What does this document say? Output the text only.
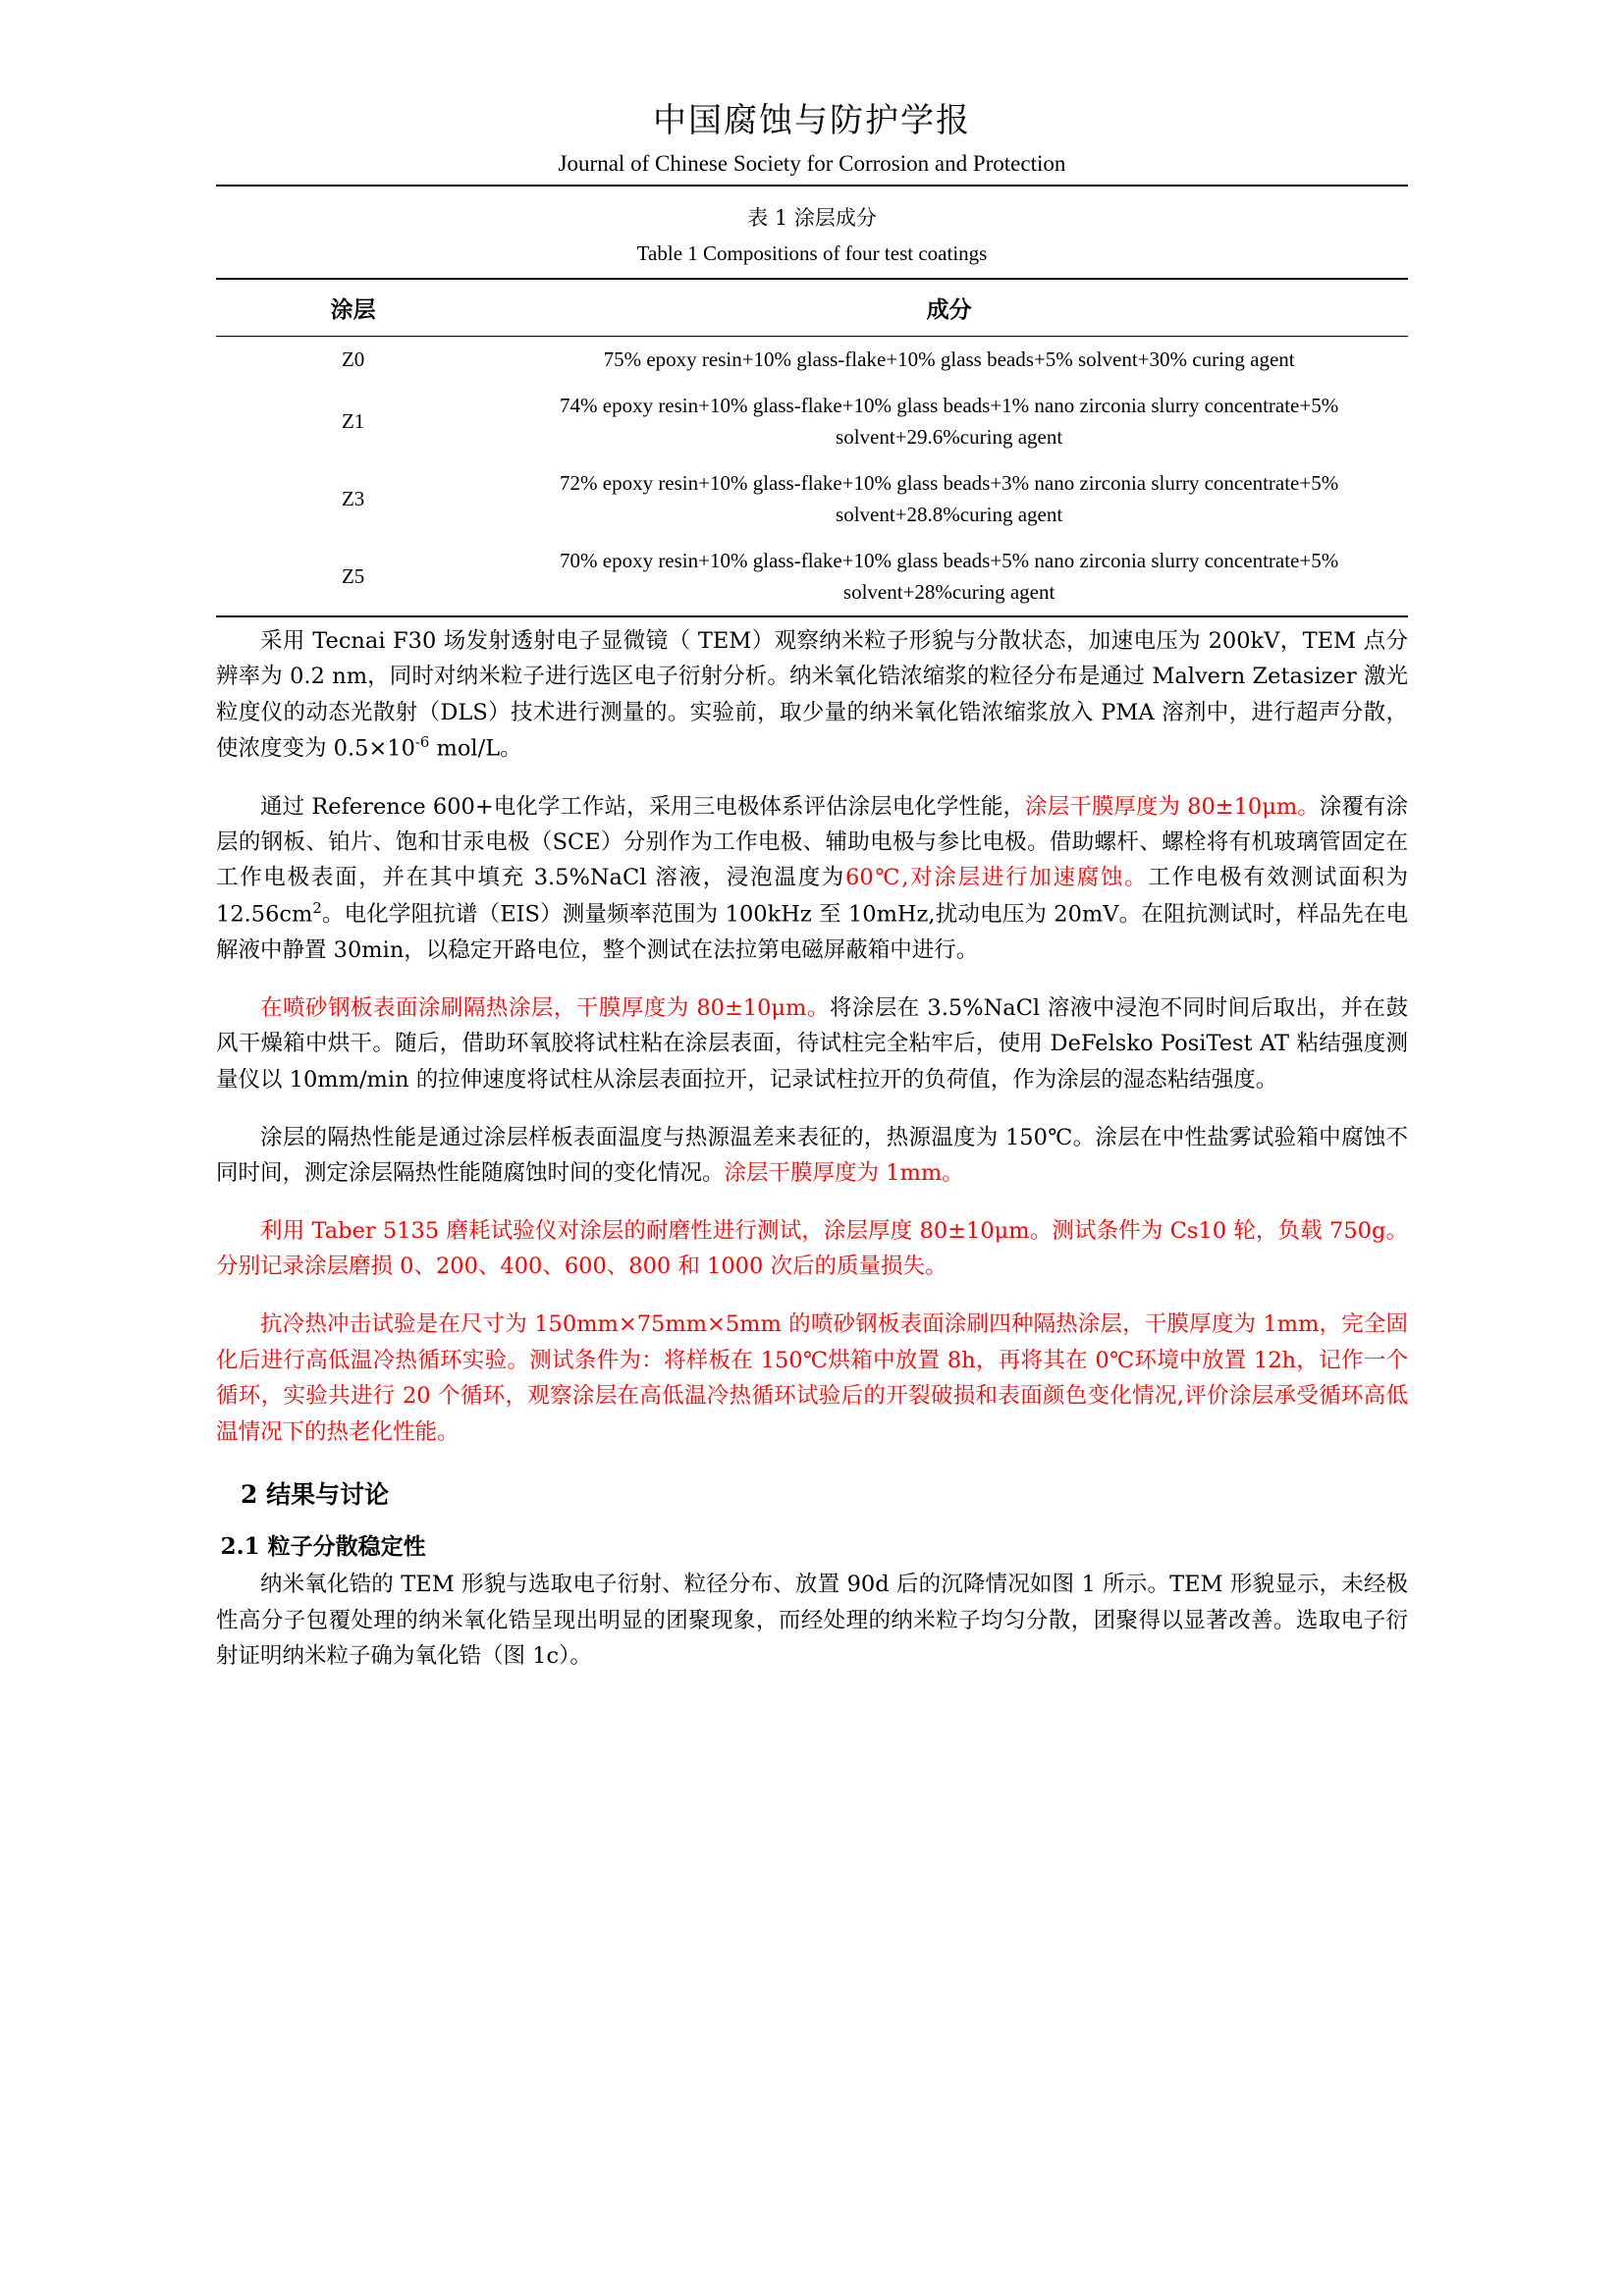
中国腐蚀与防护学报
Journal of Chinese Society for Corrosion and Protection
表 1 涂层成分
Table 1 Compositions of four test coatings
涂层	成分
Z0	75% epoxy resin+10% glass-flake+10% glass beads+5% solvent+30% curing agent
Z1	74% epoxy resin+10% glass-flake+10% glass beads+1% nano zirconia slurry concentrate+5% solvent+29.6%curing agent
Z3	72% epoxy resin+10% glass-flake+10% glass beads+3% nano zirconia slurry concentrate+5% solvent+28.8%curing agent
Z5	70% epoxy resin+10% glass-flake+10% glass beads+5% nano zirconia slurry concentrate+5% solvent+28%curing agent

采用 Tecnai F30 场发射透射电子显微镜（ TEM）观察纳米粒子形貌与分散状态，加速电压为 200kV，TEM 点分辨率为 0.2 nm，同时对纳米粒子进行选区电子衍射分析。纳米氧化锆浓缩浆的粒径分布是通过 Malvern Zetasizer 激光粒度仪的动态光散射（DLS）技术进行测量的。实验前，取少量的纳米氧化锆浓缩浆放入 PMA 溶剂中，进行超声分散，使浓度变为 $0.5\times 10^{-6}$ mol/L。

通过 Reference 600+电化学工作站，采用三电极体系评估涂层电化学性能，涂层干膜厚度为 80±10μm。涂覆有涂层的钢板、铂片、饱和甘汞电极（SCE）分别作为工作电极、辅助电极与参比电极。借助螺杆、螺栓将有机玻璃管固定在工作电极表面，并在其中填充 3.5%NaCl 溶液，浸泡温度为60℃,对涂层进行加速腐蚀。工作电极有效测试面积为 $12.56cm^2$。电化学阻抗谱（EIS）测量频率范围为 100kHz 至 10mHz,扰动电压为 20mV。在阻抗测试时，样品先在电解液中静置 30min，以稳定开路电位，整个测试在法拉第电磁屏蔽箱中进行。

在喷砂钢板表面涂刷隔热涂层，干膜厚度为 80±10μm。将涂层在 3.5%NaCl 溶液中浸泡不同时间后取出，并在鼓风干燥箱中烘干。随后，借助环氧胶将试柱粘在涂层表面，待试柱完全粘牢后，使用 DeFelsko PosiTest AT 粘结强度测量仪以 10mm/min 的拉伸速度将试柱从涂层表面拉开，记录试柱拉开的负荷值，作为涂层的湿态粘结强度。

涂层的隔热性能是通过涂层样板表面温度与热源温差来表征的，热源温度为 150℃。涂层在中性盐雾试验箱中腐蚀不同时间，测定涂层隔热性能随腐蚀时间的变化情况。涂层干膜厚度为 1mm。

利用 Taber 5135 磨耗试验仪对涂层的耐磨性进行测试，涂层厚度 80±10μm。测试条件为 Cs10 轮，负载 750g。分别记录涂层磨损 0、200、400、600、800 和 1000 次后的质量损失。

抗冷热冲击试验是在尺寸为 150mm×75mm×5mm 的喷砂钢板表面涂刷四种隔热涂层，干膜厚度为 1mm，完全固化后进行高低温冷热循环实验。测试条件为：将样板在 150℃烘箱中放置 8h，再将其在 0℃环境中放置 12h，记作一个循环，实验共进行 20 个循环，观察涂层在高低温冷热循环试验后的开裂破损和表面颜色变化情况,评价涂层承受循环高低温情况下的热老化性能。

2 结果与讨论
2.1 粒子分散稳定性

纳米氧化锆的 TEM 形貌与选取电子衍射、粒径分布、放置 90d 后的沉降情况如图 1 所示。TEM 形貌显示，未经极性高分子包覆处理的纳米氧化锆呈现出明显的团聚现象，而经处理的纳米粒子均匀分散，团聚得以显著改善。选取电子衍射证明纳米粒子确为氧化锆（图 1c）。
